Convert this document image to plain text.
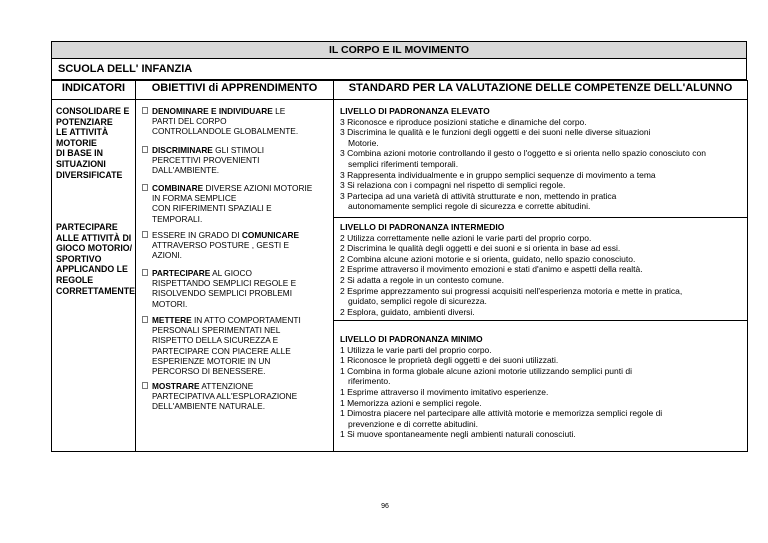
IL CORPO E IL MOVIMENTO
SCUOLA DELL' INFANZIA
INDICATORI	OBIETTIVI di APPRENDIMENTO	STANDARD PER LA VALUTAZIONE DELLE COMPETENZE DELL'ALUNNO
CONSOLIDARE E
POTENZIARE
LE ATTIVITÀ
MOTORIE
DI BASE IN
SITUAZIONI
DIVERSIFICATE
PARTECIPARE
ALLE ATTIVITÀ DI
GIOCO MOTORIO/
SPORTIVO
APPLICANDO LE
REGOLE
CORRETTAMENTE
DENOMINARE E INDIVIDUARE LE
PARTI DEL CORPO
CONTROLLANDOLE GLOBALMENTE.
DISCRIMINARE GLI STIMOLI
PERCETTIVI PROVENIENTI
DALL'AMBIENTE.
COMBINARE DIVERSE AZIONI MOTORIE
IN FORMA SEMPLICE
CON RIFERIMENTI SPAZIALI E
TEMPORALI.
ESSERE IN GRADO DI COMUNICARE
ATTRAVERSO POSTURE , GESTI E
AZIONI.
PARTECIPARE AL GIOCO
RISPETTANDO SEMPLICI REGOLE E
RISOLVENDO SEMPLICI PROBLEMI
MOTORI.
METTERE IN ATTO COMPORTAMENTI
PERSONALI SPERIMENTATI NEL
RISPETTO DELLA SICUREZZA E
PARTECIPARE CON PIACERE ALLE
ESPERIENZE MOTORIE IN UN
PERCORSO DI BENESSERE.
MOSTRARE ATTENZIONE
PARTECIPATIVA ALL'ESPLORAZIONE
DELL'AMBIENTE NATURALE.
LIVELLO DI PADRONANZA ELEVATO
3 Riconosce e riproduce posizioni statiche e dinamiche del corpo.
3 Discrimina le qualità e le funzioni degli oggetti e dei suoni nelle diverse situazioni
Motorie.
3 Combina azioni motorie controllando il gesto o l'oggetto e si orienta nello spazio conosciuto con
semplici riferimenti temporali.
3 Rappresenta individualmente e in gruppo semplici sequenze di movimento a tema
3 Si relaziona con i compagni nel rispetto di semplici regole.
3 Partecipa ad una varietà di attività strutturate e non, mettendo in pratica
autonomamente semplici regole di sicurezza e corrette abitudini.
LIVELLO DI PADRONANZA INTERMEDIO
2 Utilizza correttamente nelle azioni le varie parti del proprio corpo.
2 Discrimina le qualità degli oggetti e dei suoni e si orienta in base ad essi.
2 Combina alcune azioni motorie e si orienta, guidato, nello spazio conosciuto.
2 Esprime attraverso il movimento emozioni e stati d'animo e aspetti della realtà.
2 Si adatta a regole in un contesto comune.
2 Esprime apprezzamento sui progressi acquisiti nell'esperienza motoria e mette in pratica,
guidato, semplici regole di sicurezza.
2 Esplora, guidato, ambienti diversi.
LIVELLO DI PADRONANZA MINIMO
1 Utilizza le varie parti del proprio corpo.
1 Riconosce le proprietà degli oggetti e dei suoni utilizzati.
1 Combina in forma globale alcune azioni motorie utilizzando semplici punti di
riferimento.
1 Esprime attraverso il movimento imitativo esperienze.
1 Memorizza azioni e semplici regole.
1 Dimostra piacere nel partecipare alle attività motorie e memorizza semplici regole di
prevenzione e di corrette abitudini.
1 Si muove spontaneamente negli ambienti naturali conosciuti.
96
